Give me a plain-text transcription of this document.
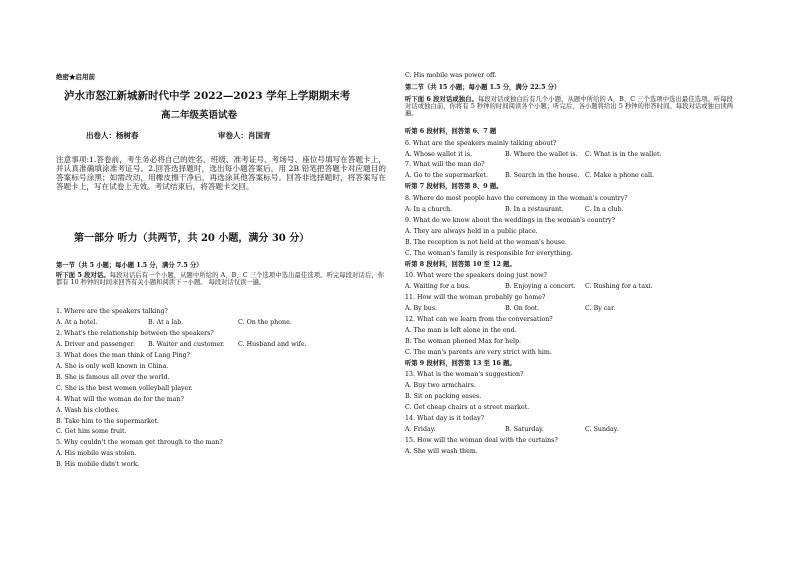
绝密★启用前
泸水市怒江新城新时代中学 2022—2023 学年上学期期末考
高二年级英语试卷
出卷人：杨树春	审卷人：肖国青
注意事项:1.答卷前，考生务必将自己的姓名、班级、准考证号、考场号、座位号填写在答题卡上，并认真准确填涂准考证号。2.回答选择题时，选出每小题答案后，用 2B 铅笔把答题卡对应题目的答案标号涂黑；如需改动，用橡皮擦干净后，再选涂其他答案标号。回答非选择题时，将答案写在答题卡上，写在试卷上无效。考试结束后，将答题卡交回。
第一部分 听力（共两节，共 20 小题，满分 30 分）
第一节（共 5 小题；每小题 1.5 分，满分 7.5 分）
听下面 5 段对话。每段对话后有一个小题，从题中所给的 A、B、C 三个选项中选出最佳选项。听完每段对话后，你都有 10 秒钟的时间来回答有关小题和阅读下一小题。 每段对话仅读一遍。
1. Where are the speakers talking?
A. At a hotel.	B. At a lab.	C. On the phone.
2. What's the relationship between the speakers?
A. Driver and passenger. B. Waiter and customer. C. Husband and wife.
3. What does the man think of Lang Ping?
A. She is only well known in China.
B. She is famous all over the world.
C. She is the best women volleyball player.
4. What will the woman do for the man?
A. Wash his clothes.
B. Take him to the supermarket.
C. Get him some fruit.
5. Why couldn't the woman get through to the man?
A. His mobile was stolen.
B. His mobile didn't work.
C. His mobile was power off.
第二节（共 15 小题；每小题 1.5 分，满分 22.5 分）
听下面 6 段对话或独白。每段对话或独白后有几个小题，从题中所给的 A、B、C 三个选项中选出最佳选项。听每段对话或独白前，你将有 5 秒钟的时间阅读各个小题；听完后，各小题将给出 5 秒钟的作答时间。每段对话或独白读两遍。
听第 6 段材料，回答第 6、7 题
6. What are the speakers mainly talking about?
A. Whose wallet it is.	B. Where the wallet is. C. What is in the wallet.
7. What will the man do?
A. Go to the supermarket.	B. Search in the house. C. Make a phone call.
听第 7 段材料，回答第 8、9 题。
8. Where do most people have the ceremony in the woman's country?
A. In a church.	B. In a restaurant.	C. In a club.
9. What do we know about the weddings in the woman's country?
A. They are always held in a public place.
B. The reception is not held at the woman's house.
C. The woman's family is responsible for everything.
听第 8 段材料，回答第 10 至 12 题。
10. What were the speakers doing just now?
A. Waiting for a bus.	B. Enjoying a concert. C. Rushing for a taxi.
11. How will the woman probably go home?
A. By bus.	B. On foot.	C. By car.
12. What can we learn from the conversation?
A. The man is left alone in the end.
B. The woman phoned Max for help.
C. The man's parents are very strict with him.
听第 9 段材料，回答第 13 至 16 题。
13. What is the woman's suggestion?
A. Buy two armchairs.
B. Sit on packing eases.
C. Get cheap chairs at a street market.
14. What day is it today?
A. Friday.	B. Saturday.	C. Sunday.
15. How will the woman deal with the curtains?
A. She will wash them.
